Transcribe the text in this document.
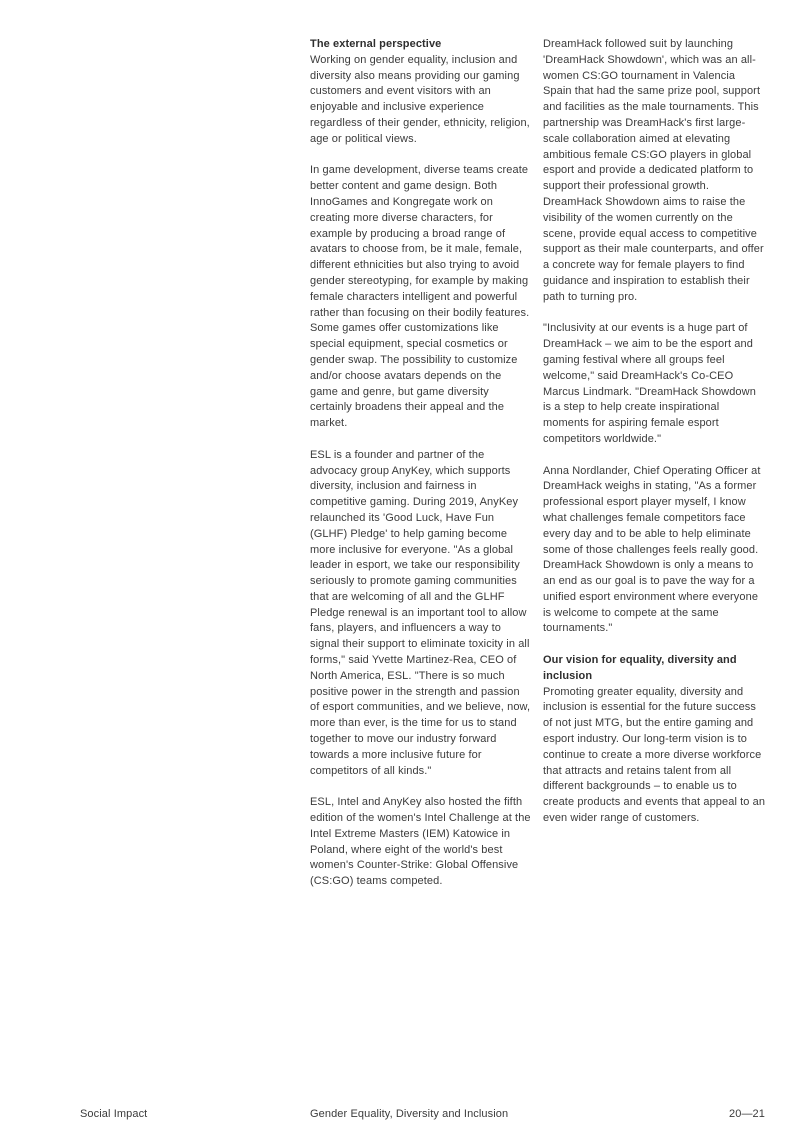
The external perspective

Working on gender equality, inclusion and diversity also means providing our gaming customers and event visitors with an enjoyable and inclusive experience regardless of their gender, ethnicity, religion, age or political views.

In game development, diverse teams create better content and game design. Both InnoGames and Kongregate work on creating more diverse characters, for example by producing a broad range of avatars to choose from, be it male, female, different ethnicities but also trying to avoid gender stereotyping, for example by making female characters intelligent and powerful rather than focusing on their bodily features. Some games offer customizations like special equipment, special cosmetics or gender swap. The possibility to customize and/or choose avatars depends on the game and genre, but game diversity certainly broadens their appeal and the market.

ESL is a founder and partner of the advocacy group AnyKey, which supports diversity, inclusion and fairness in competitive gaming. During 2019, AnyKey relaunched its 'Good Luck, Have Fun (GLHF) Pledge' to help gaming become more inclusive for everyone. "As a global leader in esport, we take our responsibility seriously to promote gaming communities that are welcoming of all and the GLHF Pledge renewal is an important tool to allow fans, players, and influencers a way to signal their support to eliminate toxicity in all forms," said Yvette Martinez-Rea, CEO of North America, ESL. "There is so much positive power in the strength and passion of esport communities, and we believe, now, more than ever, is the time for us to stand together to move our industry forward towards a more inclusive future for competitors of all kinds."

ESL, Intel and AnyKey also hosted the fifth edition of the women's Intel Challenge at the Intel Extreme Masters (IEM) Katowice in Poland, where eight of the world's best women's Counter-Strike: Global Offensive (CS:GO) teams competed.

DreamHack followed suit by launching 'DreamHack Showdown', which was an all-women CS:GO tournament in Valencia Spain that had the same prize pool, support and facilities as the male tournaments. This partnership was DreamHack's first large-scale collaboration aimed at elevating ambitious female CS:GO players in global esport and provide a dedicated platform to support their professional growth. DreamHack Showdown aims to raise the visibility of the women currently on the scene, provide equal access to competitive support as their male counterparts, and offer a concrete way for female players to find guidance and inspiration to establish their path to turning pro.

"Inclusivity at our events is a huge part of DreamHack – we aim to be the esport and gaming festival where all groups feel welcome," said DreamHack's Co-CEO Marcus Lindmark. "DreamHack Showdown is a step to help create inspirational moments for aspiring female esport competitors worldwide."

Anna Nordlander, Chief Operating Officer at DreamHack weighs in stating, "As a former professional esport player myself, I know what challenges female competitors face every day and to be able to help eliminate some of those challenges feels really good. DreamHack Showdown is only a means to an end as our goal is to pave the way for a unified esport environment where everyone is welcome to compete at the same tournaments."

Our vision for equality, diversity and inclusion

Promoting greater equality, diversity and inclusion is essential for the future success of not just MTG, but the entire gaming and esport industry. Our long-term vision is to continue to create a more diverse workforce that attracts and retains talent from all different backgrounds – to enable us to create products and events that appeal to an even wider range of customers.

Social Impact	Gender Equality, Diversity and Inclusion	20—21
